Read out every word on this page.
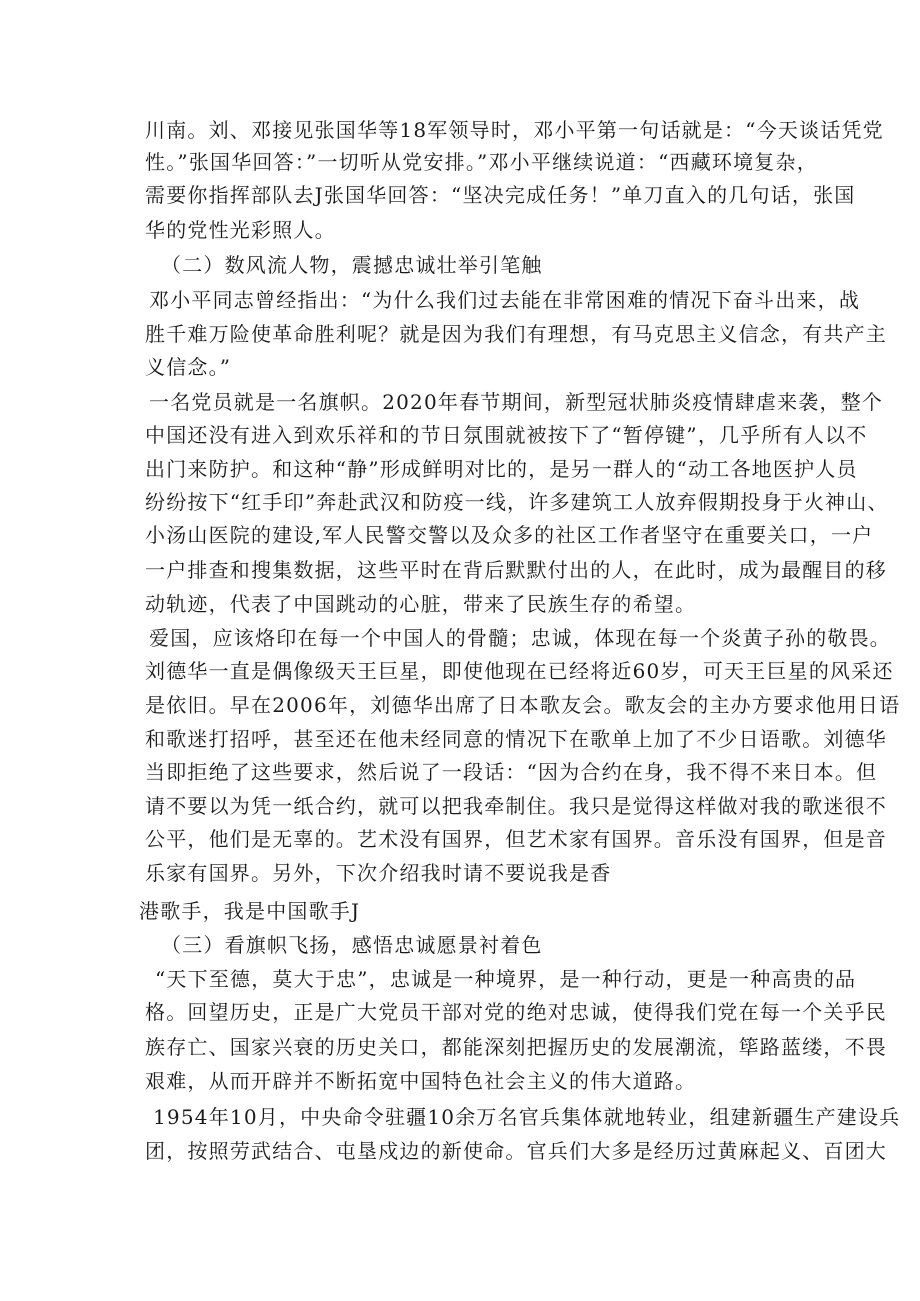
川南。刘、邓接见张国华等18军领导时，邓小平第一句话就是：“今天谈话凭党
性。”张国华回答：”一切听从党安排。”邓小平继续说道：“西藏环境复杂，
需要你指挥部队去J张国华回答：“坚决完成任务！”单刀直入的几句话，张国
华的党性光彩照人。
（二）数风流人物，震撼忠诚壮举引笔触
邓小平同志曾经指出：“为什么我们过去能在非常困难的情况下奋斗出来，战
胜千难万险使革命胜利呢？就是因为我们有理想，有马克思主义信念，有共产主
义信念。”
一名党员就是一名旗帜。2020年春节期间，新型冠状肺炎疫情肆虐来袭，整个
中国还没有进入到欢乐祥和的节日氛围就被按下了“暂停键”，几乎所有人以不
出门来防护。和这种“静”形成鲜明对比的，是另一群人的“动工各地医护人员
纷纷按下“红手印”奔赴武汉和防疫一线，许多建筑工人放弃假期投身于火神山、
小汤山医院的建设,军人民警交警以及众多的社区工作者坚守在重要关口，一户
一户排查和搜集数据，这些平时在背后默默付出的人，在此时，成为最醒目的移
动轨迹，代表了中国跳动的心脏，带来了民族生存的希望。
爱国，应该烙印在每一个中国人的骨髓；忠诚，体现在每一个炎黄子孙的敬畏。
刘德华一直是偶像级天王巨星，即使他现在已经将近60岁，可天王巨星的风采还
是依旧。早在2006年，刘德华出席了日本歌友会。歌友会的主办方要求他用日语
和歌迷打招呼，甚至还在他未经同意的情况下在歌单上加了不少日语歌。刘德华
当即拒绝了这些要求，然后说了一段话：“因为合约在身，我不得不来日本。但
请不要以为凭一纸合约，就可以把我牵制住。我只是觉得这样做对我的歌迷很不
公平，他们是无辜的。艺术没有国界，但艺术家有国界。音乐没有国界，但是音
乐家有国界。另外，下次介绍我时请不要说我是香
港歌手，我是中国歌手J
（三）看旗帜飞扬，感悟忠诚愿景衬着色
“天下至德，莫大于忠”，忠诚是一种境界，是一种行动，更是一种高贵的品
格。回望历史，正是广大党员干部对党的绝对忠诚，使得我们党在每一个关乎民
族存亡、国家兴衰的历史关口，都能深刻把握历史的发展潮流，筚路蓝缕，不畏
艰难，从而开辟并不断拓宽中国特色社会主义的伟大道路。
1954年10月，中央命令驻疆10余万名官兵集体就地转业，组建新疆生产建设兵
团，按照劳武结合、屯垦戍边的新使命。官兵们大多是经历过黄麻起义、百团大
